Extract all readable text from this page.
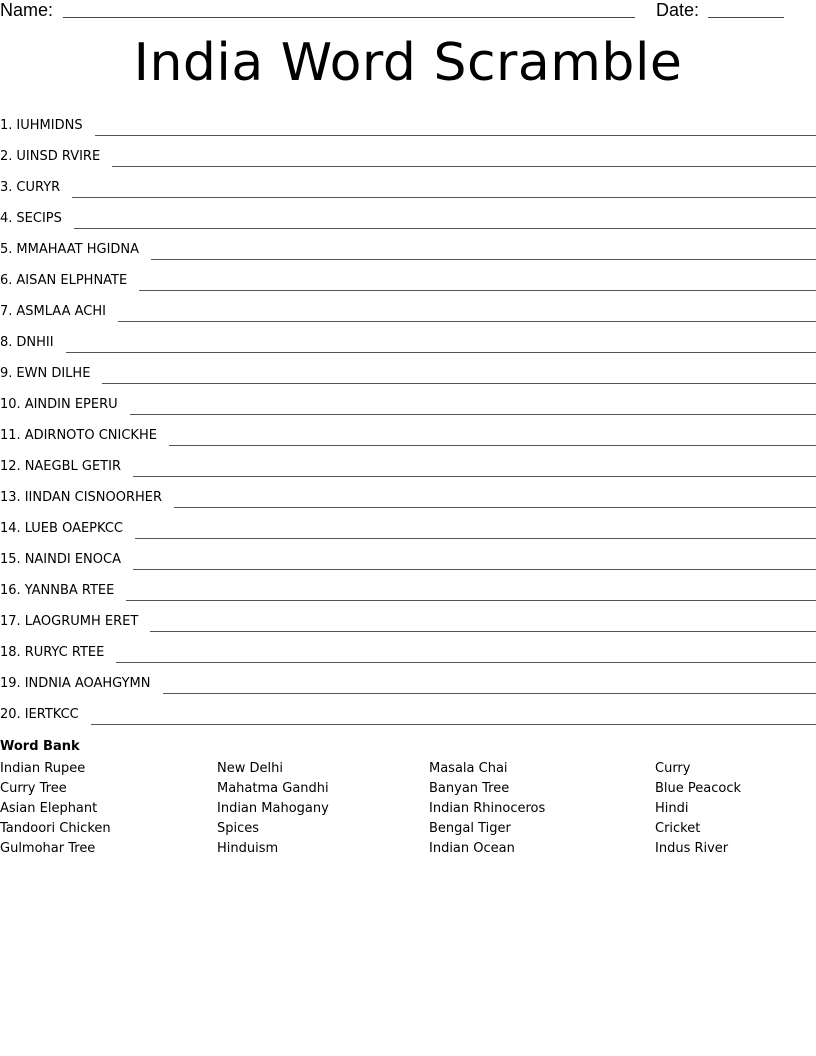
Name:	Date:
India Word Scramble
1. IUHMIDNS
2. UINSD RVIRE
3. CURYR
4. SECIPS
5. MMAHAAT HGIDNA
6. AISAN ELPHNATE
7. ASMLAA ACHI
8. DNHII
9. EWN DILHE
10. AINDIN EPERU
11. ADIRNOTO CNICKHE
12. NAEGBL GETIR
13. IINDAN CISNOORHER
14. LUEB OAEPKCC
15. NAINDI ENOCA
16. YANNBA RTEE
17. LAOGRUMH ERET
18. RURYC RTEE
19. INDNIA AOAHGYMN
20. IERTKCC
Word Bank
Indian Rupee
Curry Tree
Asian Elephant
Tandoori Chicken
Gulmohar Tree
New Delhi
Mahatma Gandhi
Indian Mahogany
Spices
Hinduism
Masala Chai
Banyan Tree
Indian Rhinoceros
Bengal Tiger
Indian Ocean
Curry
Blue Peacock
Hindi
Cricket
Indus River
